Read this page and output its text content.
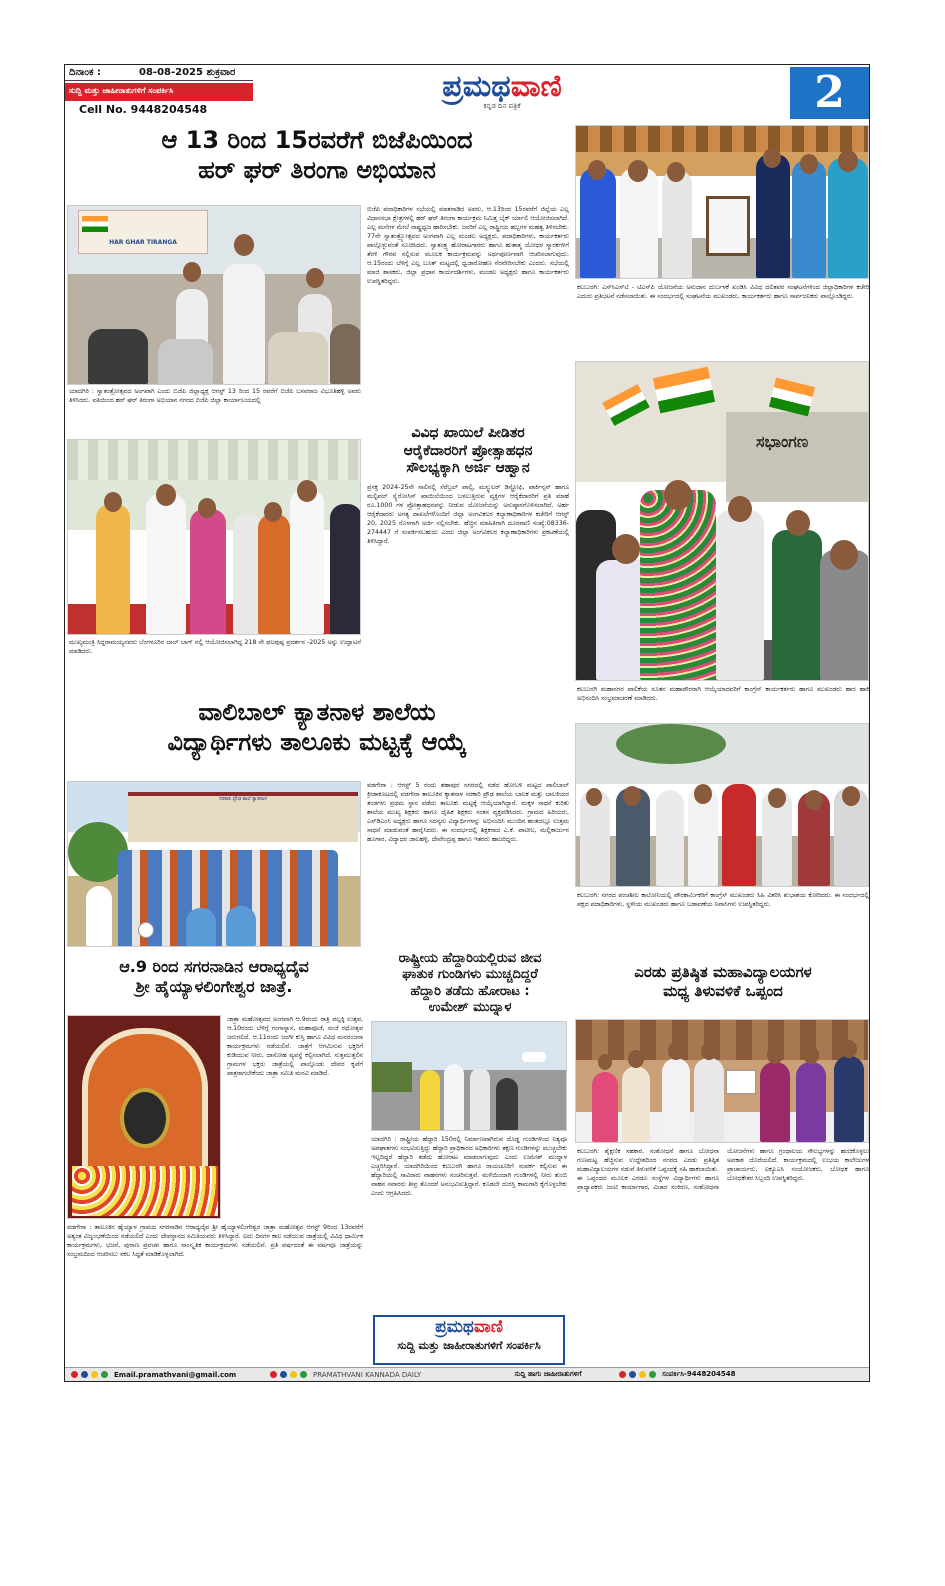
ದಿನಾಂಕ :	08-08-2025 ಶುಕ್ರವಾರ
ಸುದ್ದಿ ಮತ್ತು ಜಾಹೀರಾತುಗಳಿಗೆ ಸಂಪರ್ಕಿಸಿ
Cell No. 9448204548
ಪ್ರಮಥವಾಣಿ
ಕನ್ನಡ ದಿನ ಪತ್ರಿಕೆ	2
ಆ 13 ರಿಂದ 15ರವರೆಗೆ ಬಿಜೆಪಿಯಿಂದ
ಹರ್ ಘರ್ ತಿರಂಗಾ ಅಭಿಯಾನ
HAR GHAR TIRANGA
ಯಾದಗಿರಿ : ಸ್ವಾತಂತ್ರೋತ್ಸವದ ಅಂಗವಾಗಿ ಎಂದು ಬಿಜೆಪಿ ಜಿಲ್ಲಾಧ್ಯಕ್ಷ ಆಗಸ್ಟ್ 13 ರಿಂದ 15 ರವರೆಗೆ ಬಿಜೆಪಿ ಬಸವರಾಜ ವಿಭೂತಿಹಳ್ಳಿ ಅವರು ತಿಳಿಸಿದರು. ವತಿಯಿಂದ ಹರ್ ಘರ್ ತಿರಂಗಾ ಅಭಿಯಾನ ನಗರದ ಬಿಜೆಪಿ ಜಿಲ್ಲಾ ಕಾರ್ಯಾಲಯದಲ್ಲಿ
ಬಿಜೆಪಿ ಪದಾಧಿಕಾರಿಗಳ ಸಭೆಯಲ್ಲಿ ಮಾತನಾಡಿದ ಅವರು, ಆ.13ರಿಂದ 15ರವರೆಗೆ ಜಿಲ್ಲೆಯ ಎಲ್ಲ ವಿಧಾನಸಭಾ ಕ್ಷೇತ್ರಗಳಲ್ಲಿ ಹರ್ ಘರ್ ತಿರಂಗಾ ಕಾರ್ಯಕ್ರಮ ನಿಮಿತ್ತ ಬೈಕ್ ರ್ಯಾಲಿ ಆಯೋಜಿಸಲಾಗಿದೆ. ಎಲ್ಲ ಮನೆಗಳ ಮೇಲೆ ರಾಷ್ಟ್ರಧ್ವಜ ಹಾರಿಸಬೇಕು. ಜನರಿಗೆ ಎಲ್ಲ ರಾಷ್ಟ್ರೀಯ ಹಬ್ಬಗಳ ಮಹತ್ವ ತಿಳಿಸಬೇಕು. 77ನೇ ಸ್ವಾತಂತ್ರ್ಯೋತ್ಸವದ ಅಂಗವಾಗಿ ಎಲ್ಲ ಮಂಡಲ ಅಧ್ಯಕ್ಷರು, ಪದಾಧಿಕಾರಿಗಳು, ಕಾರ್ಯಕರ್ತರು ಪಾಲ್ಗೊಳ್ಳುವಂತೆ ಸೂಚಿಸಿದರು. ಸ್ವಾತಂತ್ರ್ಯ ಹೋರಾಟಗಾರರು ಹಾಗೂ ಹುತಾತ್ಮ ಯೋಧರ ಸ್ಮಾರಕಗಳಿಗೆ ತೆರಳಿ ಗೌರವ ಸಲ್ಲಿಸುವ ಮೂಲಕ ಕಾರ್ಯಕ್ರಮವನ್ನು ಅರ್ಥಪೂರ್ಣವಾಗಿ ಆಚರಿಸಲಾಗುವುದು. ಆ.15ರಂದು ಬೆಳಿಗ್ಗೆ ಎಲ್ಲ ಬೂತ್ ಮಟ್ಟದಲ್ಲಿ ಧ್ವಜಾರೋಹಣ ನೆರವೇರಿಸಬೇಕು ಎಂದರು. ಸಭೆಯಲ್ಲಿ ಮಾಜಿ ಶಾಸಕರು, ಜಿಲ್ಲಾ ಪ್ರಧಾನ ಕಾರ್ಯದರ್ಶಿಗಳು, ಮಂಡಲ ಅಧ್ಯಕ್ಷರು ಹಾಗೂ ಕಾರ್ಯಕರ್ತರು ಉಪಸ್ಥಿತರಿದ್ದರು.
ಮುಖ್ಯಮಂತ್ರಿ ಸಿದ್ದರಾಮಯ್ಯನವರು ಬೆಂಗಳೂರಿನ ಲಾಲ್ ಬಾಗ್ ನಲ್ಲಿ ಆಯೋಜಿಸಲಾಗಿದ್ದ 218 ನೇ ಫಲಪುಷ್ಪ ಪ್ರದರ್ಶನ -2025 ಅನ್ನು ಉದ್ಘಾಟನೆ ಮಾಡಿದರು.
ವಿವಿಧ ಖಾಯಿಲೆ ಪೀಡಿತರ
ಆರೈಕೆದಾರರಿಗೆ ಪ್ರೋತ್ಸಾಹಧನ
ಸೌಲಭ್ಯಕ್ಕಾಗಿ ಅರ್ಜಿ ಆಹ್ವಾನ
ಪ್ರಸಕ್ತ 2024-25ನೇ ಸಾಲಿನಲ್ಲಿ ಸೆರೆಬ್ರಲ್ ಪಾಲ್ಸಿ, ಮಸ್ಕ್ಯುಲರ್ ಡಿಸ್ಟ್ರೋಫಿ, ಪಾರ್ಕಿನ್ಸನ್ ಹಾಗೂ ಮಲ್ಟಿಪಲ್ ಸ್ಕ್ಲೆರೋಸಿಸ್ ಖಾಯಿಲೆಯಿಂದ ಬಳಲುತ್ತಿರುವ ವ್ಯಕ್ತಿಗಳ ಆರೈಕೆದಾರರಿಗೆ ಪ್ರತಿ ಮಾಹೆ ರೂ.1000 ಗಳ ಪ್ರೋತ್ಸಾಹಧನವನ್ನು ನೀಡುವ ಯೋಜನೆಯನ್ನು ಅನುಷ್ಠಾನಗೊಳಿಸಲಾಗಿದೆ. ಅರ್ಹ ಆರೈಕೆದಾರರು ಅಗತ್ಯ ದಾಖಲೆಗಳೊಂದಿಗೆ ಜಿಲ್ಲಾ ಅಂಗವಿಕಲರ ಕಲ್ಯಾಣಾಧಿಕಾರಿಗಳ ಕಚೇರಿಗೆ ಆಗಸ್ಟ್ 20, 2025 ರೊಳಗಾಗಿ ಅರ್ಜಿ ಸಲ್ಲಿಸಬೇಕು. ಹೆಚ್ಚಿನ ಮಾಹಿತಿಗಾಗಿ ದೂರವಾಣಿ ಸಂಖ್ಯೆ:08336-274447 ಗೆ ಸಂಪರ್ಕಿಸಬಹುದು ಎಂದು ಜಿಲ್ಲಾ ಅಂಗವಿಕಲರ ಕಲ್ಯಾಣಾಧಿಕಾರಿಗಳು ಪ್ರಕಟಣೆಯಲ್ಲಿ ತಿಳಿಸಿದ್ದಾರೆ.
ವಾಲಿಬಾಲ್ ಕ್ಯಾತನಾಳ ಶಾಲೆಯ
ವಿದ್ಯಾರ್ಥಿಗಳು ತಾಲೂಕು ಮಟ್ಟಕ್ಕೆ ಆಯ್ಕೆ
ಸರಕಾರಿ ಪ್ರೌಢ ಶಾಲೆ ಕ್ಯಾತನಾಳ
ವಡಗೇರಾ : ಆಗಸ್ಟ್ 5 ರಂದು ಶಹಾಪುರ ನಗರದಲ್ಲಿ ನಡೆದ ಹೋಬಳಿ ಮಟ್ಟದ ವಾಲಿಬಾಲ್ ಕ್ರೀಡಾಕೂಟದಲ್ಲಿ ವಡಗೇರಾ ತಾಲೂಕಿನ ಕ್ಯಾತನಾಳ ಸರಕಾರಿ ಪ್ರೌಢ ಶಾಲೆಯ ಬಾಲಕ ಮತ್ತು ಬಾಲಕಿಯರ ತಂಡಗಳು ಪ್ರಥಮ ಸ್ಥಾನ ಪಡೆದು ತಾಲೂಕು ಮಟ್ಟಕ್ಕೆ ಆಯ್ಕೆಯಾಗಿದ್ದಾರೆ. ಮಕ್ಕಳ ಸಾಧನೆ ಕುರಿತು ಶಾಲೆಯ ಮುಖ್ಯ ಶಿಕ್ಷಕರು ಹಾಗೂ ದೈಹಿಕ ಶಿಕ್ಷಕರು ಸಂತಸ ವ್ಯಕ್ತಪಡಿಸಿದರು. ಗ್ರಾಮದ ಹಿರಿಯರು, ಎಸ್‌ಡಿಎಂಸಿ ಅಧ್ಯಕ್ಷರು ಹಾಗೂ ಸದಸ್ಯರು ವಿದ್ಯಾರ್ಥಿಗಳನ್ನು ಅಭಿನಂದಿಸಿ ಮುಂದಿನ ಹಂತದಲ್ಲೂ ಉತ್ತಮ ಸಾಧನೆ ಮಾಡುವಂತೆ ಹಾರೈಸಿದರು. ಈ ಸಂದರ್ಭದಲ್ಲಿ ಶಿಕ್ಷಕರಾದ ಎ.ಕೆ. ಪಾಟೀಲ, ಮಲ್ಲಿಕಾರ್ಜುನ ಹೂಗಾರ, ವಿದ್ಯಾಧರ ಜಾಲಹಳ್ಳಿ, ದೇವೇಂದ್ರಪ್ಪ ಹಾಗೂ ಇತರರು ಹಾಜರಿದ್ದರು.
ಆ.9 ರಿಂದ ಸಗರನಾಡಿನ ಆರಾಧ್ಯದೈವ
ಶ್ರೀ ಹೈಯ್ಯಾಳಲಿಂಗೇಶ್ವರ ಜಾತ್ರೆ.
ಜಾತ್ರಾ ಮಹೋತ್ಸವದ ಅಂಗವಾಗಿ ಆ.9ರಂದು ರಾತ್ರಿ ಪಲ್ಲಕ್ಕಿ ಉತ್ಸವ, ಆ.10ರಂದು ಬೆಳಿಗ್ಗೆ ಗಂಗಾಸ್ನಾನ, ಮಹಾಪೂಜೆ, ಸಂಜೆ ರಥೋತ್ಸವ ಜರುಗಲಿದೆ. ಆ.11ರಂದು ಜಂಗೀ ಕುಸ್ತಿ ಹಾಗೂ ವಿವಿಧ ಮನರಂಜನಾ ಕಾರ್ಯಕ್ರಮಗಳು ನಡೆಯಲಿವೆ. ಜಾತ್ರೆಗೆ ಆಗಮಿಸುವ ಭಕ್ತರಿಗೆ ಕುಡಿಯುವ ನೀರು, ದಾಸೋಹ ವ್ಯವಸ್ಥೆ ಕಲ್ಪಿಸಲಾಗಿದೆ. ಸುತ್ತಮುತ್ತಲಿನ ಗ್ರಾಮಗಳ ಭಕ್ತರು ಜಾತ್ರೆಯಲ್ಲಿ ಪಾಲ್ಗೊಂಡು ದೇವರ ಕೃಪೆಗೆ ಪಾತ್ರರಾಗಬೇಕೆಂದು ಜಾತ್ರಾ ಸಮಿತಿ ಮನವಿ ಮಾಡಿದೆ.
ವಡಗೇರಾ : ತಾಲೂಕಿನ ಹೈಯ್ಯಾಳ ಗ್ರಾಮದ ಸಗರನಾಡಿನ ಆರಾಧ್ಯದೈವ ಶ್ರೀ ಹೈಯ್ಯಾಳಲಿಂಗೇಶ್ವರ ಜಾತ್ರಾ ಮಹೋತ್ಸವ ಆಗಸ್ಟ್ 9ರಿಂದ 13ರವರೆಗೆ ಅತ್ಯಂತ ವಿಜೃಂಭಣೆಯಿಂದ ನಡೆಯಲಿದೆ ಎಂದು ದೇವಸ್ಥಾನದ ಸಮಿತಿಯವರು ತಿಳಿಸಿದ್ದಾರೆ. ಐದು ದಿನಗಳ ಕಾಲ ನಡೆಯುವ ಜಾತ್ರೆಯಲ್ಲಿ ವಿವಿಧ ಧಾರ್ಮಿಕ ಕಾರ್ಯಕ್ರಮಗಳು, ಭಜನೆ, ಪುರಾಣ ಪ್ರವಚನ ಹಾಗೂ ಸಾಂಸ್ಕೃತಿಕ ಕಾರ್ಯಕ್ರಮಗಳು ನಡೆಯಲಿವೆ. ಪ್ರತಿ ವರ್ಷದಂತೆ ಈ ವರ್ಷವೂ ಜಾತ್ರೆಯನ್ನು ಸಂಭ್ರಮದಿಂದ ಆಚರಿಸಲು ಸಕಲ ಸಿದ್ಧತೆ ಮಾಡಿಕೊಳ್ಳಲಾಗಿದೆ.
ರಾಷ್ಟ್ರೀಯ ಹೆದ್ದಾರಿಯಲ್ಲಿರುವ ಜೀವ
ಘಾತುಕ ಗುಂಡಿಗಳು ಮುಚ್ಚದಿದ್ದರೆ
ಹೆದ್ದಾರಿ ತಡೆದು ಹೋರಾಟ :
ಉಮೇಶ್ ಮುದ್ನಾಳ
ಯಾದಗಿರಿ : ರಾಷ್ಟ್ರೀಯ ಹೆದ್ದಾರಿ 150ರಲ್ಲಿ ನಿರ್ಮಾಣವಾಗಿರುವ ದೊಡ್ಡ ಗುಂಡಿಗಳಿಂದ ನಿತ್ಯವೂ ಅಪಘಾತಗಳು ಸಂಭವಿಸುತ್ತಿದ್ದು ಹೆದ್ದಾರಿ ಪ್ರಾಧಿಕಾರದ ಅಧಿಕಾರಿಗಳು ತಕ್ಷಣ ಗುಂಡಿಗಳನ್ನು ಮುಚ್ಚಬೇಕು ಇಲ್ಲದಿದ್ದರೆ ಹೆದ್ದಾರಿ ತಡೆದು ಹೋರಾಟ ಮಾಡಲಾಗುವುದು ಎಂದು ಉಮೇಶ್ ಮುದ್ನಾಳ ಎಚ್ಚರಿಸಿದ್ದಾರೆ. ಯಾದಗಿರಿಯಿಂದ ಕಲಬುರಗಿ ಹಾಗೂ ರಾಯಚೂರಿಗೆ ಸಂಪರ್ಕ ಕಲ್ಪಿಸುವ ಈ ಹೆದ್ದಾರಿಯಲ್ಲಿ ಸಾವಿರಾರು ವಾಹನಗಳು ಸಂಚರಿಸುತ್ತವೆ. ಮಳೆಯಿಂದಾಗಿ ಗುಂಡಿಗಳಲ್ಲಿ ನೀರು ತುಂಬಿ ವಾಹನ ಸವಾರರು ತೀವ್ರ ತೊಂದರೆ ಅನುಭವಿಸುತ್ತಿದ್ದಾರೆ. ಕೂಡಲೇ ದುರಸ್ತಿ ಕಾಮಗಾರಿ ಕೈಗೊಳ್ಳಬೇಕು ಎಂದು ಆಗ್ರಹಿಸಿದರು.
ಪ್ರಮಥವಾಣಿ
ಸುದ್ದಿ ಮತ್ತು ಜಾಹೀರಾತುಗಳಿಗೆ ಸಂಪರ್ಕಿಸಿ
ಕಲಬುರಗಿ: ಎಸ್‌ಸಿಎಸ್‌ಟಿ - ಟಿಎಸ್‌ಪಿ ಯೋಜನೆಯ ಅನುದಾನ ದುರ್ಬಳಕೆ ಖಂಡಿಸಿ ವಿವಿಧ ದಲಿತಪರ ಸಂಘಟನೆಗಳಿಂದ ಜಿಲ್ಲಾಧಿಕಾರಿಗಳ ಕಚೇರಿ ಎದುರು ಪ್ರತಿಭಟನೆ ನಡೆಸಲಾಯಿತು. ಈ ಸಂದರ್ಭದಲ್ಲಿ ಸಂಘಟನೆಯ ಮುಖಂಡರು, ಕಾರ್ಯಕರ್ತರು ಹಾಗೂ ಸಾರ್ವಜನಿಕರು ಪಾಲ್ಗೊಂಡಿದ್ದರು.
ಸಭಾಂಗಣ
ಕಲಬುರಗಿ ಮಹಾನಗರ ಪಾಲಿಕೆಯ ನೂತನ ಮಹಾಪೌರರಾಗಿ ಆಯ್ಕೆಯಾದವರಿಗೆ ಕಾಂಗ್ರೆಸ್ ಕಾರ್ಯಕರ್ತರು ಹಾಗೂ ಮುಖಂಡರು ಹಾರ ಹಾಕಿ ಅಭಿನಂದಿಸಿ ಸಂಭ್ರಮಾಚರಣೆ ಮಾಡಿದರು.
ಕಲಬುರಗಿ: ನಗರದ ಪಂಚಶೀಲ ಕಾಲೋನಿಯಲ್ಲಿ ಪೌರಕಾರ್ಮಿಕರಿಗೆ ಕಾಂಗ್ರೆಸ್ ಮುಖಂಡರು ಸಿಹಿ ವಿತರಿಸಿ ಶುಭಾಶಯ ಕೋರಿದರು. ಈ ಸಂದರ್ಭದಲ್ಲಿ ಪಕ್ಷದ ಪದಾಧಿಕಾರಿಗಳು, ಸ್ಥಳೀಯ ಮುಖಂಡರು ಹಾಗೂ ಬಡಾವಣೆಯ ನಿವಾಸಿಗಳು ಉಪಸ್ಥಿತರಿದ್ದರು.
ಎರಡು ಪ್ರತಿಷ್ಠಿತ ಮಹಾವಿದ್ಯಾಲಯಗಳ
ಮಧ್ಯ ತಿಳುವಳಿಕೆ ಒಪ್ಪಂದ
ಕಲಬುರಗಿ: ಶೈಕ್ಷಣಿಕ ಸಹಕಾರ, ಸಂಶೋಧನೆ ಹಾಗೂ ಬೋಧನಾ ಗುಣಮಟ್ಟ ಹೆಚ್ಚಿಸುವ ಉದ್ದೇಶದಿಂದ ನಗರದ ಎರಡು ಪ್ರತಿಷ್ಠಿತ ಮಹಾವಿದ್ಯಾಲಯಗಳ ನಡುವೆ ತಿಳುವಳಿಕೆ ಒಪ್ಪಂದಕ್ಕೆ ಸಹಿ ಹಾಕಲಾಯಿತು. ಈ ಒಪ್ಪಂದದ ಮೂಲಕ ಎರಡೂ ಸಂಸ್ಥೆಗಳ ವಿದ್ಯಾರ್ಥಿಗಳು ಹಾಗೂ ಪ್ರಾಧ್ಯಾಪಕರು ಜಂಟಿ ಕಾರ್ಯಾಗಾರ, ವಿಚಾರ ಸಂಕಿರಣ, ಸಂಶೋಧನಾ ಯೋಜನೆಗಳು ಹಾಗೂ ಗ್ರಂಥಾಲಯ ಸೌಲಭ್ಯಗಳನ್ನು ಹಂಚಿಕೊಳ್ಳಲು ಅವಕಾಶ ದೊರೆಯಲಿದೆ. ಕಾರ್ಯಕ್ರಮದಲ್ಲಿ ಉಭಯ ಕಾಲೇಜುಗಳ ಪ್ರಾಚಾರ್ಯರು, ಐಕ್ಯೂಎಸಿ ಸಂಯೋಜಕರು, ಬೋಧಕ ಹಾಗೂ ಬೋಧಕೇತರ ಸಿಬ್ಬಂದಿ ಉಪಸ್ಥಿತರಿದ್ದರು.
Email.pramathvani@gmail.com	PRAMATHVANI KANNADA DAILY	ಸುದ್ದಿ ಹಾಗು ಜಾಹೀರಾತುಗಳಿಗೆ	ಸಂಪರ್ಕಿಸಿ-9448204548
